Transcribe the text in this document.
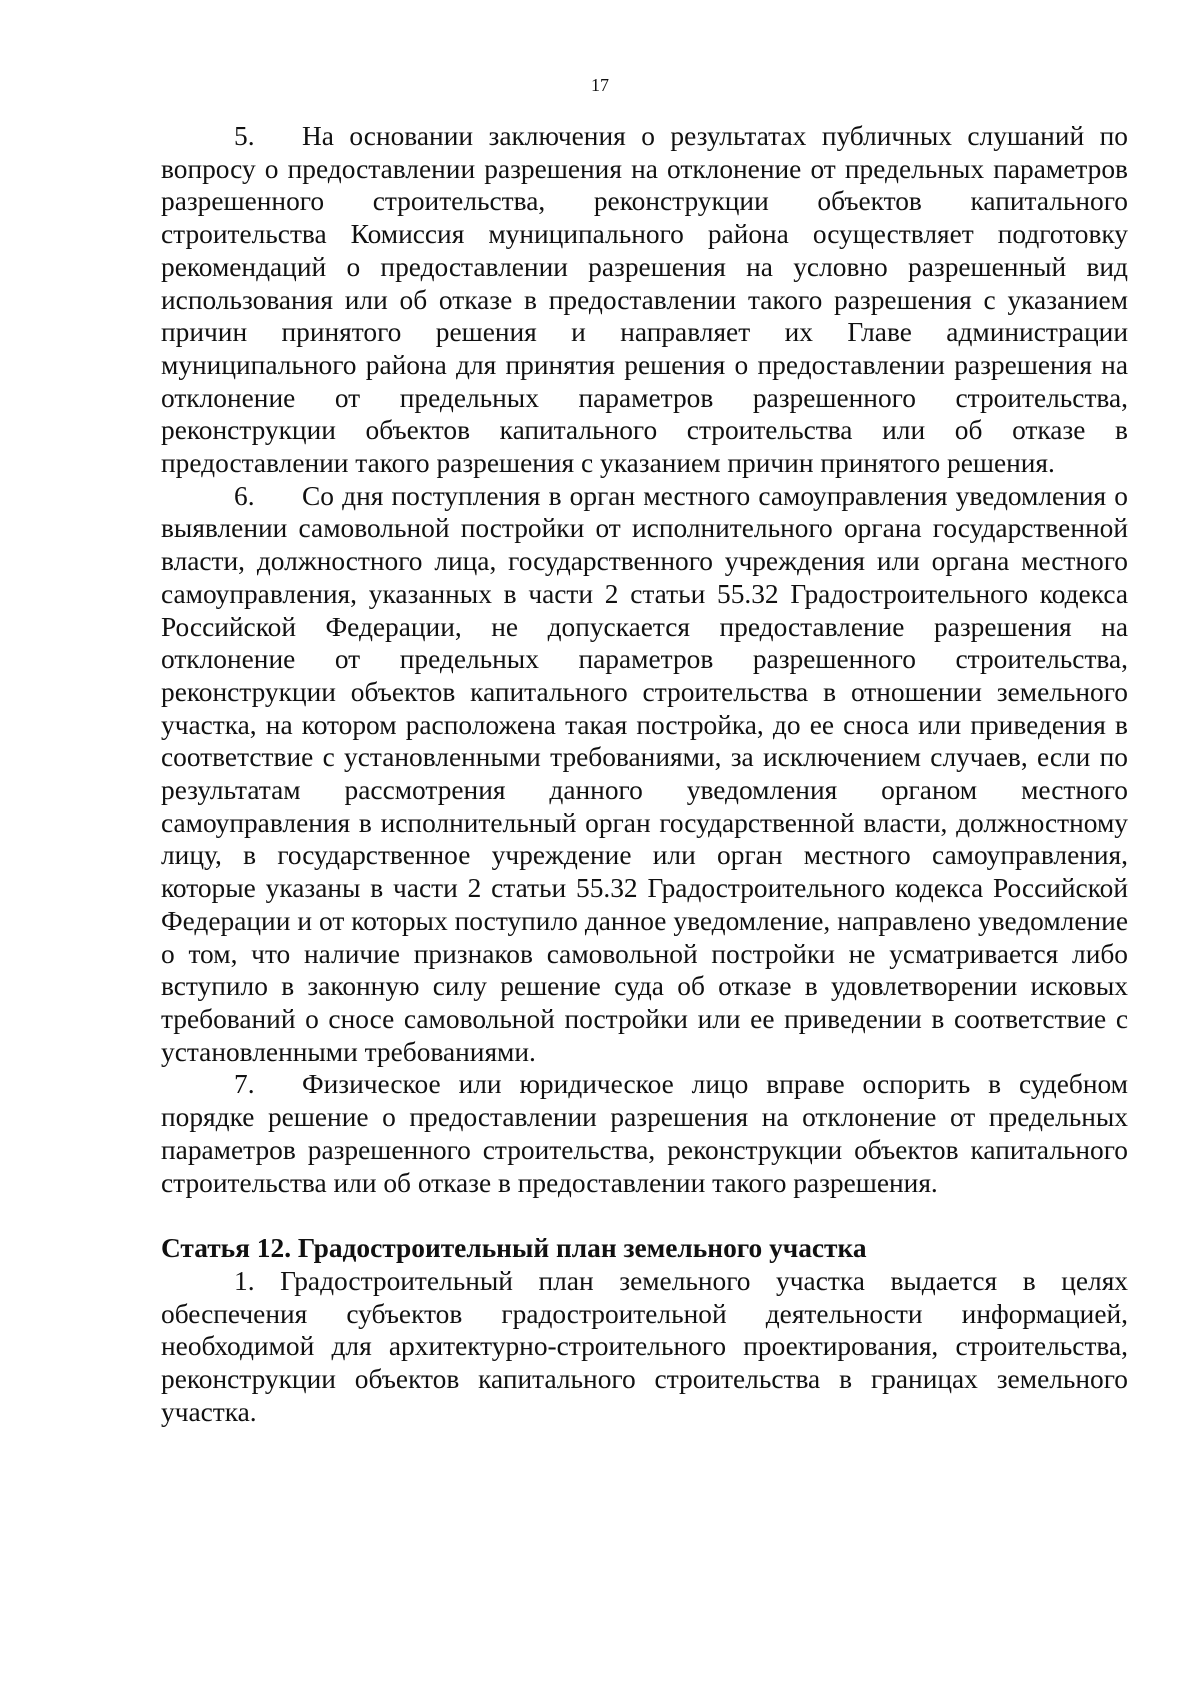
17

5. На основании заключения о результатах публичных слушаний по вопросу о предоставлении разрешения на отклонение от предельных параметров разрешенного строительства, реконструкции объектов капитального строительства Комиссия муниципального района осуществляет подготовку рекомендаций о предоставлении разрешения на условно разрешенный вид использования или об отказе в предоставлении такого разрешения с указанием причин принятого решения и направляет их Главе администрации муниципального района для принятия решения о предоставлении разрешения на отклонение от предельных параметров разрешенного строительства, реконструкции объектов капитального строительства или об отказе в предоставлении такого разрешения с указанием причин принятого решения.

6. Со дня поступления в орган местного самоуправления уведомления о выявлении самовольной постройки от исполнительного органа государственной власти, должностного лица, государственного учреждения или органа местного самоуправления, указанных в части 2 статьи 55.32 Градостроительного кодекса Российской Федерации, не допускается предоставление разрешения на отклонение от предельных параметров разрешенного строительства, реконструкции объектов капитального строительства в отношении земельного участка, на котором расположена такая постройка, до ее сноса или приведения в соответствие с установленными требованиями, за исключением случаев, если по результатам рассмотрения данного уведомления органом местного самоуправления в исполнительный орган государственной власти, должностному лицу, в государственное учреждение или орган местного самоуправления, которые указаны в части 2 статьи 55.32 Градостроительного кодекса Российской Федерации и от которых поступило данное уведомление, направлено уведомление о том, что наличие признаков самовольной постройки не усматривается либо вступило в законную силу решение суда об отказе в удовлетворении исковых требований о сносе самовольной постройки или ее приведении в соответствие с установленными требованиями.

7. Физическое или юридическое лицо вправе оспорить в судебном порядке решение о предоставлении разрешения на отклонение от предельных параметров разрешенного строительства, реконструкции объектов капитального строительства или об отказе в предоставлении такого разрешения.

Статья 12. Градостроительный план земельного участка

1. Градостроительный план земельного участка выдается в целях обеспечения субъектов градостроительной деятельности информацией, необходимой для архитектурно-строительного проектирования, строительства, реконструкции объектов капитального строительства в границах земельного участка.
